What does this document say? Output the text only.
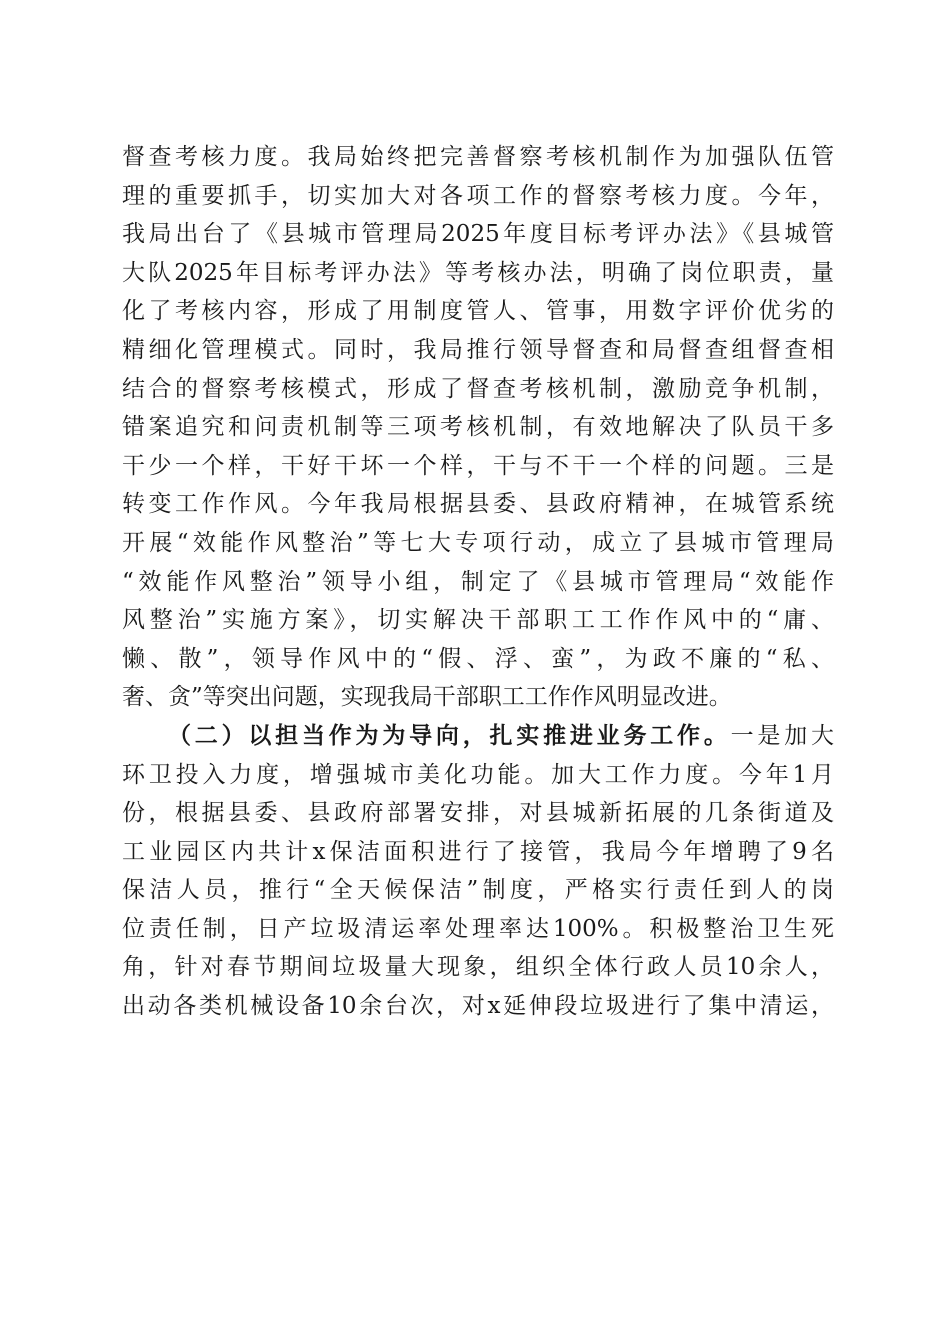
督查考核力度。我局始终把完善督察考核机制作为加强队伍管
理的重要抓手，切实加大对各项工作的督察考核力度。今年，
我局出台了《县城市管理局2025年度目标考评办法》《县城管
大队2025年目标考评办法》等考核办法，明确了岗位职责，量
化了考核内容，形成了用制度管人、管事，用数字评价优劣的
精细化管理模式。同时，我局推行领导督查和局督查组督查相
结合的督察考核模式，形成了督查考核机制，激励竞争机制，
错案追究和问责机制等三项考核机制，有效地解决了队员干多
干少一个样，干好干坏一个样，干与不干一个样的问题。三是
转变工作作风。今年我局根据县委、县政府精神，在城管系统
开展“效能作风整治”等七大专项行动，成立了县城市管理局
“效能作风整治”领导小组，制定了《县城市管理局“效能作
风整治”实施方案》，切实解决干部职工工作作风中的“庸、
懒、散”，领导作风中的“假、浮、蛮”，为政不廉的“私、
奢、贪”等突出问题，实现我局干部职工工作作风明显改进。
（二）以担当作为为导向，扎实推进业务工作。一是加大
环卫投入力度，增强城市美化功能。加大工作力度。今年1月
份，根据县委、县政府部署安排，对县城新拓展的几条街道及
工业园区内共计x保洁面积进行了接管，我局今年增聘了9名
保洁人员，推行“全天候保洁”制度，严格实行责任到人的岗
位责任制，日产垃圾清运率处理率达100%。积极整治卫生死
角，针对春节期间垃圾量大现象，组织全体行政人员10余人，
出动各类机械设备10余台次，对x延伸段垃圾进行了集中清运，
